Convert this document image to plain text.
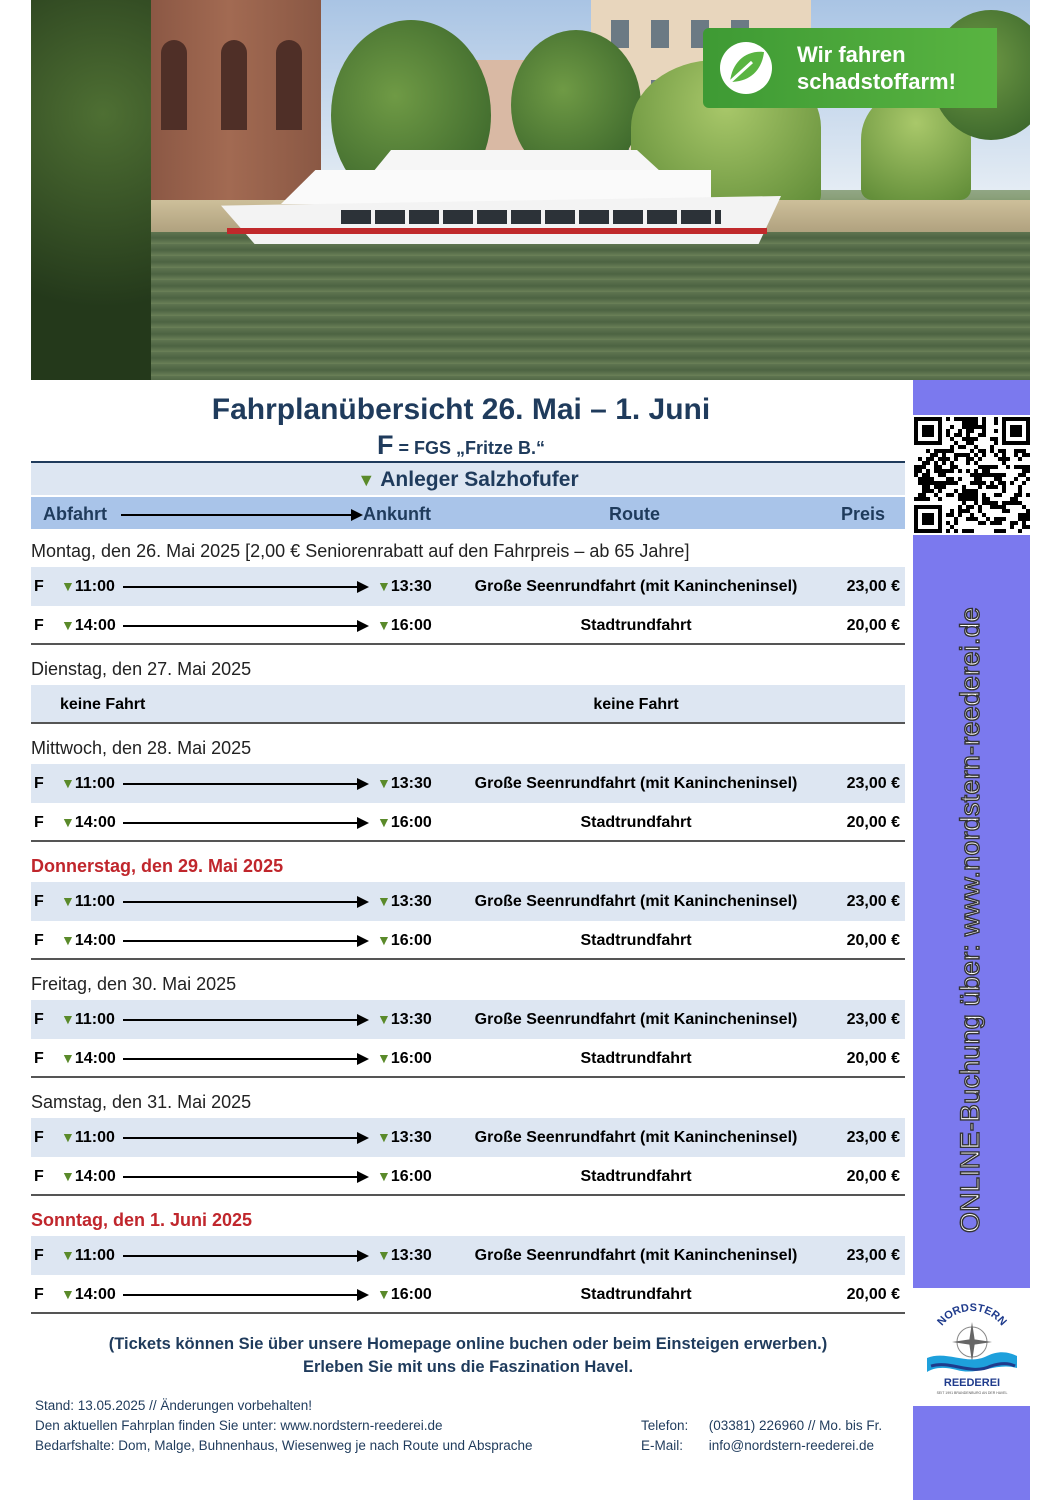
Wir fahren
schadstoffarm!
ONLINE-Buchung über: www.nordstern-reederei.de
NORDSTERN
REEDEREI
SEIT 1991 BRANDENBURG AN DER HAVEL
Fahrplanübersicht 26. Mai – 1. Juni
F = FGS „Fritze B.“
▼ Anleger Salzhofufer
Abfahrt	Ankunft	Route	Preis
Montag, den 26. Mai 2025 [2,00 € Seniorenrabatt auf den Fahrpreis – ab 65 Jahre]
F ▼11:00	▼13:30	Große Seenrundfahrt (mit Kanincheninsel)	23,00 €
F ▼14:00	▼16:00	Stadtrundfahrt	20,00 €
Dienstag, den 27. Mai 2025
keine Fahrt	keine Fahrt
Mittwoch, den 28. Mai 2025
F ▼11:00	▼13:30	Große Seenrundfahrt (mit Kanincheninsel)	23,00 €
F ▼14:00	▼16:00	Stadtrundfahrt	20,00 €
Donnerstag, den 29. Mai 2025
F ▼11:00	▼13:30	Große Seenrundfahrt (mit Kanincheninsel)	23,00 €
F ▼14:00	▼16:00	Stadtrundfahrt	20,00 €
Freitag, den 30. Mai 2025
F ▼11:00	▼13:30	Große Seenrundfahrt (mit Kanincheninsel)	23,00 €
F ▼14:00	▼16:00	Stadtrundfahrt	20,00 €
Samstag, den 31. Mai 2025
F ▼11:00	▼13:30	Große Seenrundfahrt (mit Kanincheninsel)	23,00 €
F ▼14:00	▼16:00	Stadtrundfahrt	20,00 €
Sonntag, den 1. Juni 2025
F ▼11:00	▼13:30	Große Seenrundfahrt (mit Kanincheninsel)	23,00 €
F ▼14:00	▼16:00	Stadtrundfahrt	20,00 €
(Tickets können Sie über unsere Homepage online buchen oder beim Einsteigen erwerben.)
Erleben Sie mit uns die Faszination Havel.
Stand: 13.05.2025 // Änderungen vorbehalten!
Den aktuellen Fahrplan finden Sie unter: www.nordstern-reederei.de
Bedarfshalte: Dom, Malge, Buhnenhaus, Wiesenweg je nach Route und Absprache
Telefon: (03381) 226960 // Mo. bis Fr.
E-Mail: info@nordstern-reederei.de
